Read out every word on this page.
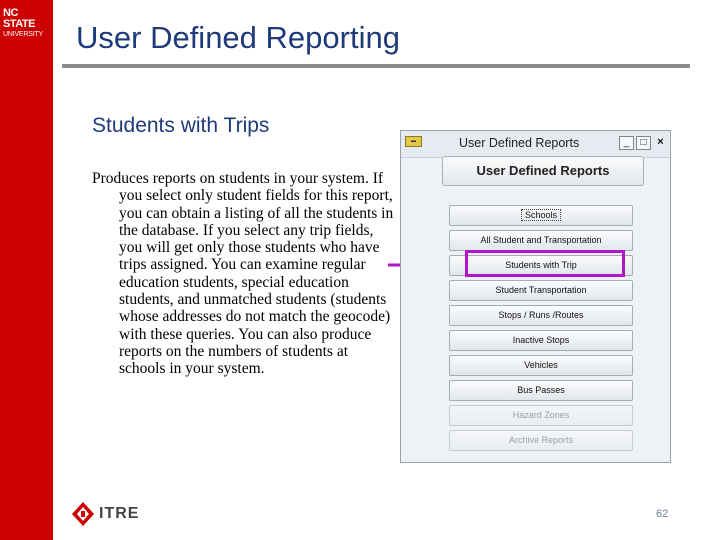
NC STATE
UNIVERSITY User Defined Reporting
Students with Trips

Produces reports on students in your system. If you select only student fields for this report, you can obtain a listing of all the students in the database. If you select any trip fields, you will get only those students who have trips assigned. You can examine regular education students, special education students, and unmatched students (students whose addresses do not match the geocode) with these queries. You can also produce reports on the numbers of students at schools in your system.

▬	User Defined Reports	_	□ ×
User Defined Reports
Schools
All Student and Transportation
Students with Trip
Student Transportation
Stops / Runs /Routes
Inactive Stops
Vehicles
Bus Passes
Hazard Zones
Archive Reports
ITRE	62
